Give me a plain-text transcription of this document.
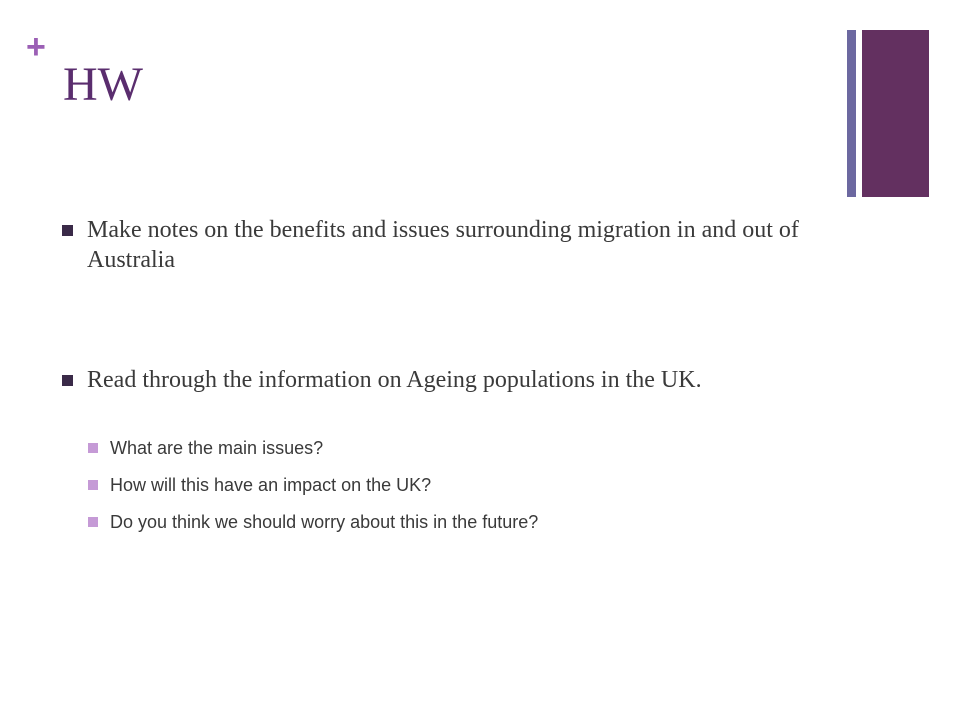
+
HW
Make notes on the benefits and issues surrounding migration in and out of Australia
Read through the information on Ageing populations in the UK.
What are the main issues?
How will this have an impact on the UK?
Do you think we should worry about this in the future?
